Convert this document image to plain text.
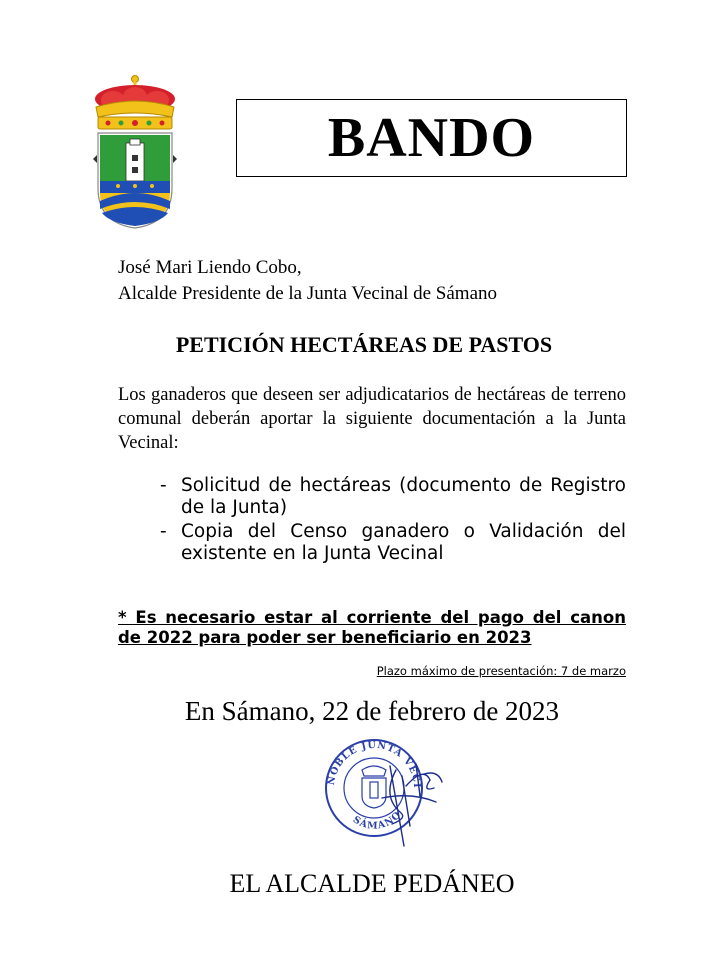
BANDO
José Mari Liendo Cobo,
Alcalde Presidente de la Junta Vecinal de Sámano
PETICIÓN HECTÁREAS DE PASTOS
Los ganaderos que deseen ser adjudicatarios de hectáreas de terreno comunal deberán aportar la siguiente documentación a la Junta Vecinal:
- Solicitud de hectáreas (documento de Registro de la Junta)
- Copia del Censo ganadero o Validación del existente en la Junta Vecinal
* Es necesario estar al corriente del pago del canon de 2022 para poder ser beneficiario en 2023
Plazo máximo de presentación: 7 de marzo
En Sámano, 22 de febrero de 2023
NOBLE JUNTA VECI
SÁMANO
EL ALCALDE PEDÁNEO
